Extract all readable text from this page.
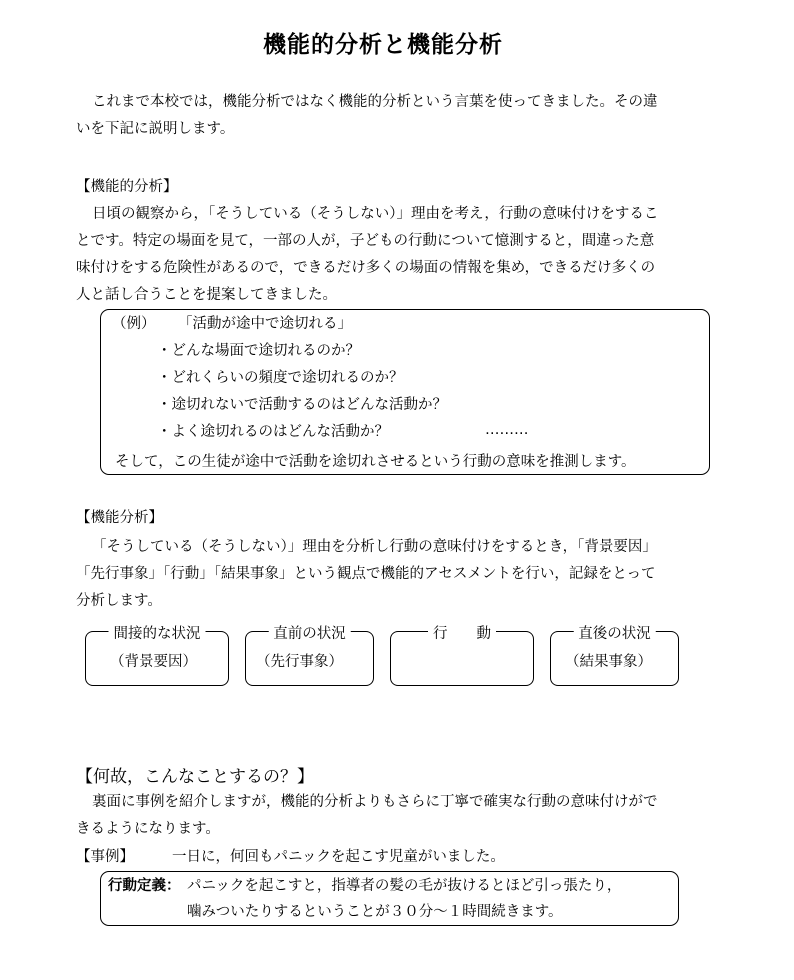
機能的分析と機能分析
これまで本校では，機能分析ではなく機能的分析という言葉を使ってきました。その違
いを下記に説明します。
【機能的分析】
日頃の観察から，「そうしている（そうしない）」理由を考え，行動の意味付けをするこ
とです。特定の場面を見て，一部の人が，子どもの行動について憶測すると，間違った意
味付けをする危険性があるので，できるだけ多くの場面の情報を集め，できるだけ多くの
人と話し合うことを提案してきました。
（例） 「活動が途中で途切れる」
・どんな場面で途切れるのか？
・どれくらいの頻度で途切れるのか？
・途切れないで活動するのはどんな活動か？
・よく途切れるのはどんな活動か？	………
そして，この生徒が途中で活動を途切れさせるという行動の意味を推測します。
【機能分析】
「そうしている（そうしない）」理由を分析し行動の意味付けをするとき，「背景要因」
「先行事象」「行動」「結果事象」という観点で機能的アセスメントを行い，記録をとって
分析します。
間接的な状況
（背景要因）
直前の状況
（先行事象）
行　　動	直後の状況
（結果事象）
【何故，こんなことするの？】
裏面に事例を紹介しますが，機能的分析よりもさらに丁寧で確実な行動の意味付けがで
きるようになります。
【事例】	一日に，何回もパニックを起こす児童がいました。
行動定義： パニックを起こすと，指導者の髪の毛が抜けるとほど引っ張たり，
噛みついたりするということが３０分～１時間続きます。
